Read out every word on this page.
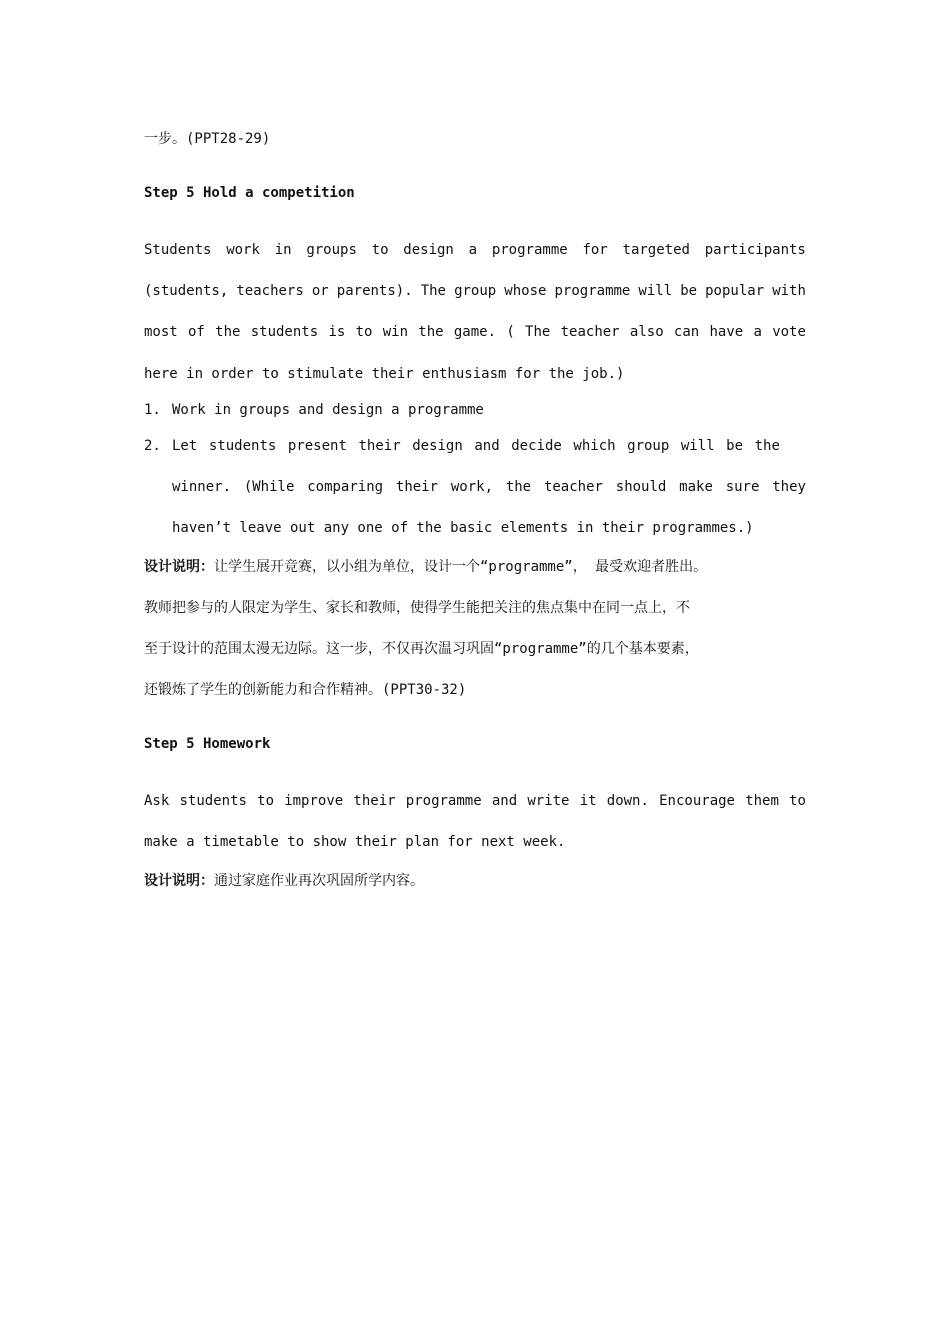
一步。(PPT28-29)
Step 5 Hold a competition
Students work in groups to design a programme for targeted participants
(students, teachers or parents). The group whose programme will be popular with
most of the students is to win the game. ( The teacher also can have a vote
here in order to stimulate their enthusiasm for the job.)
1. Work in groups and design a programme
2. Let students present their design and decide which group will be the
winner. (While comparing their work, the teacher should make sure they
haven’t leave out any one of the basic elements in their programmes.)
设计说明：让学生展开竞赛，以小组为单位，设计一个“programme”， 最受欢迎者胜出。
教师把参与的人限定为学生、家长和教师，使得学生能把关注的焦点集中在同一点上，不
至于设计的范围太漫无边际。这一步，不仅再次温习巩固“programme”的几个基本要素，
还锻炼了学生的创新能力和合作精神。(PPT30-32)
Step 5 Homework
Ask students to improve their programme and write it down. Encourage them to
make a timetable to show their plan for next week.
设计说明：通过家庭作业再次巩固所学内容。
